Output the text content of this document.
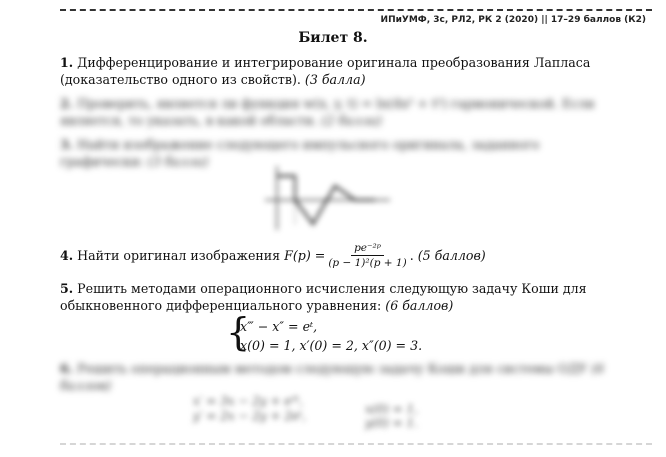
ИПиУМФ, 3с, РЛ2, РК 2 (2020) || 17–29 баллов (К2)
Билет 8.
1. Дифференцирование и интегрирование оригинала преобразования Лапласа (доказательство одного из свойств). (3 балла)
2. Проверить, является ли функция w(x, y, t) = ln(4x² + t²) гармонической. Если является, то указать, в какой области. (2 балла)
3. Найти изображение следующего импульсного оригинала, заданного графически: (3 балла)
4.
Найти оригинал изображения
$F(p) = \frac{\text{pe⁻²ᵖ}}{\text{(p − 1)²(p + 1)}}$ .
(5 баллов)
5. Решить методами операционного исчисления следующую задачу Коши для обыкновенного дифференциального уравнения: (6 баллов)
{
x‴ − x″ = eᵗ,
x(0) = 1, x′(0) = 2, x″(0) = 3.
6. Решить операционным методом следующую задачу Коши для системы ОДУ (6 баллов)
x′ = 3x − 2y + e³ᵗ,
y′ = 2x − 2y + 2eᵗ,	x(0) = 1, y(0) = 1.
